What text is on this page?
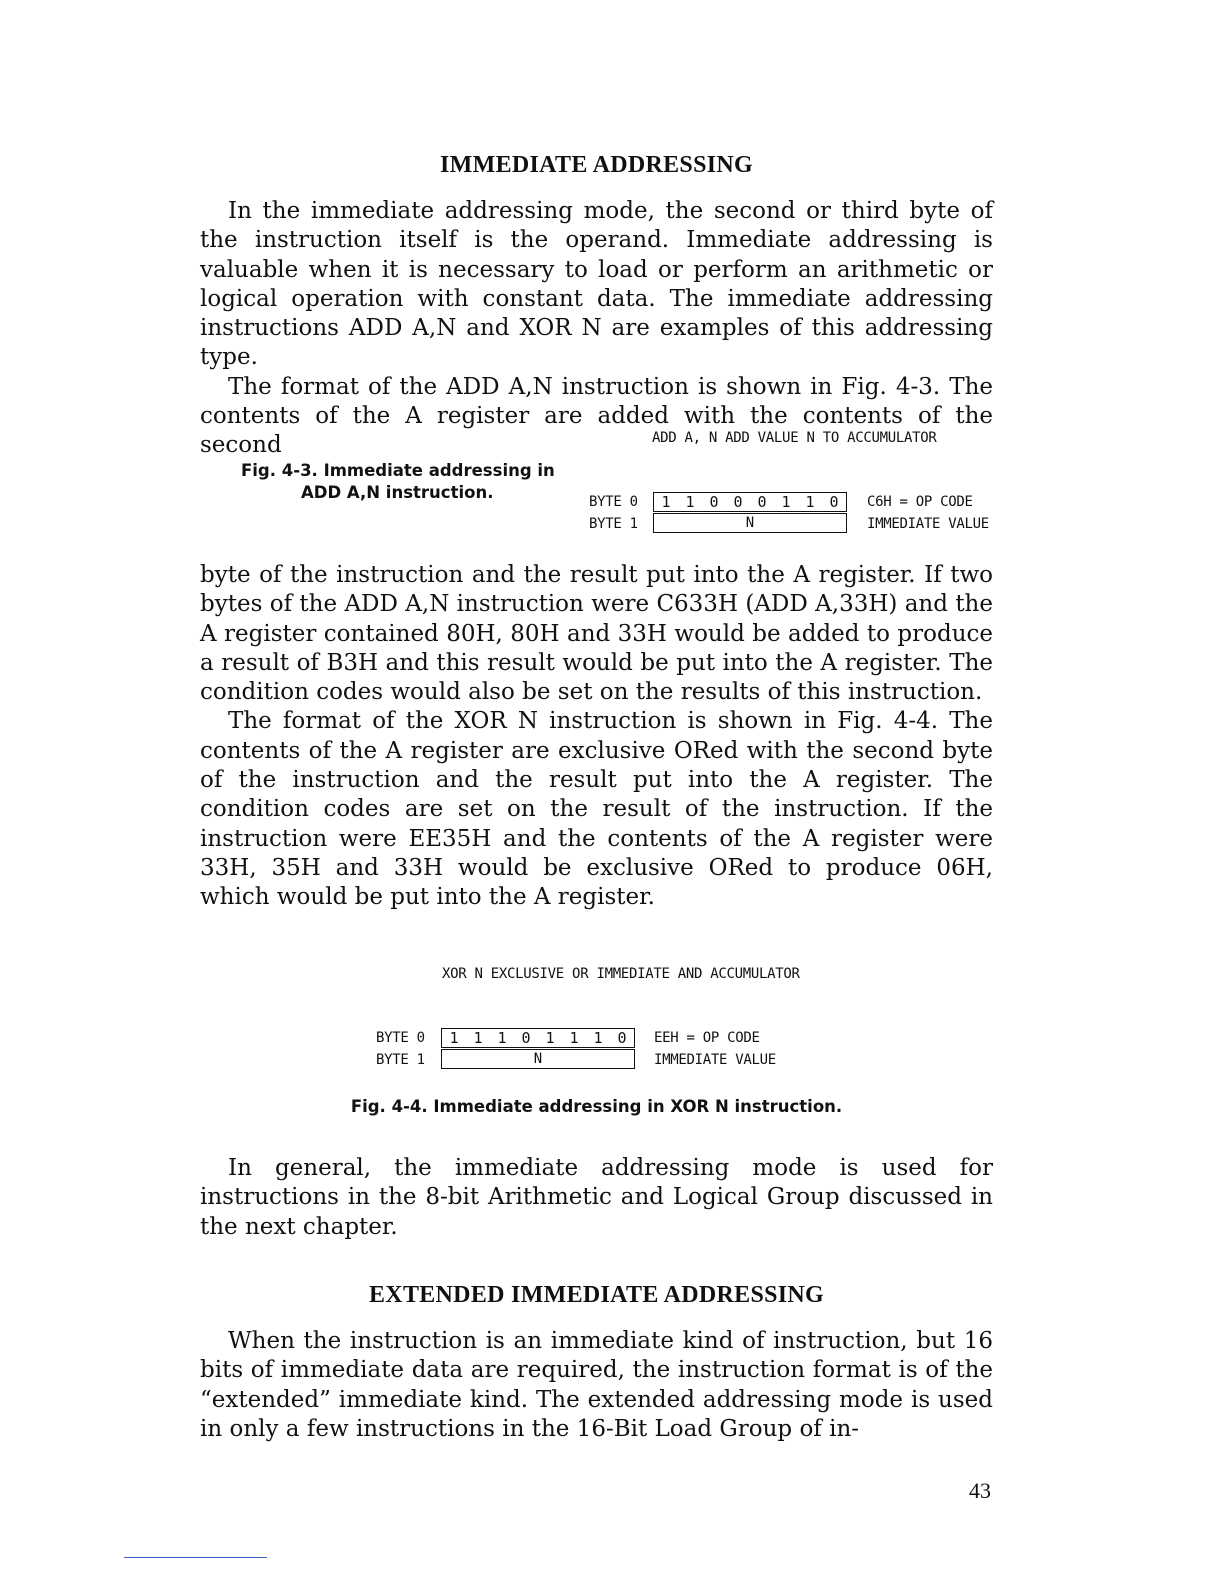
IMMEDIATE ADDRESSING

In the immediate addressing mode, the second or third byte of the instruction itself is the operand. Immediate addressing is valuable when it is necessary to load or perform an arithmetic or logical operation with constant data. The immediate addressing instructions ADD A,N and XOR N are examples of this addressing type.

The format of the ADD A,N instruction is shown in Fig. 4-3. The contents of the A register are added with the contents of the second	ADD A, N ADD VALUE N TO ACCUMULATOR
Fig. 4-3. Immediate addressing in
ADD A,N instruction.	BYTE 0
BYTE 1
1 1 0 0 0 1 1 0
N
C6H = OP CODE
IMMEDIATE VALUE

byte of the instruction and the result put into the A register. If two bytes of the ADD A,N instruction were C633H (ADD A,33H) and the A register contained 80H, 80H and 33H would be added to produce a result of B3H and this result would be put into the A register. The condition codes would also be set on the results of this instruction.

The format of the XOR N instruction is shown in Fig. 4-4. The contents of the A register are exclusive ORed with the second byte of the instruction and the result put into the A register. The condition codes are set on the result of the instruction. If the instruction were EE35H and the contents of the A register were 33H, 35H and 33H would be exclusive ORed to produce 06H, which would be put into the A register.

XOR N EXCLUSIVE OR IMMEDIATE AND ACCUMULATOR
BYTE 0
BYTE 1
1 1 1 0 1 1 1 0
N
EEH = OP CODE
IMMEDIATE VALUE
Fig. 4-4. Immediate addressing in XOR N instruction.

In general, the immediate addressing mode is used for instructions in the 8-bit Arithmetic and Logical Group discussed in the next chapter.

EXTENDED IMMEDIATE ADDRESSING

When the instruction is an immediate kind of instruction, but 16 bits of immediate data are required, the instruction format is of the “extended” immediate kind. The extended addressing mode is used in only a few instructions in the 16-Bit Load Group of in-

43
